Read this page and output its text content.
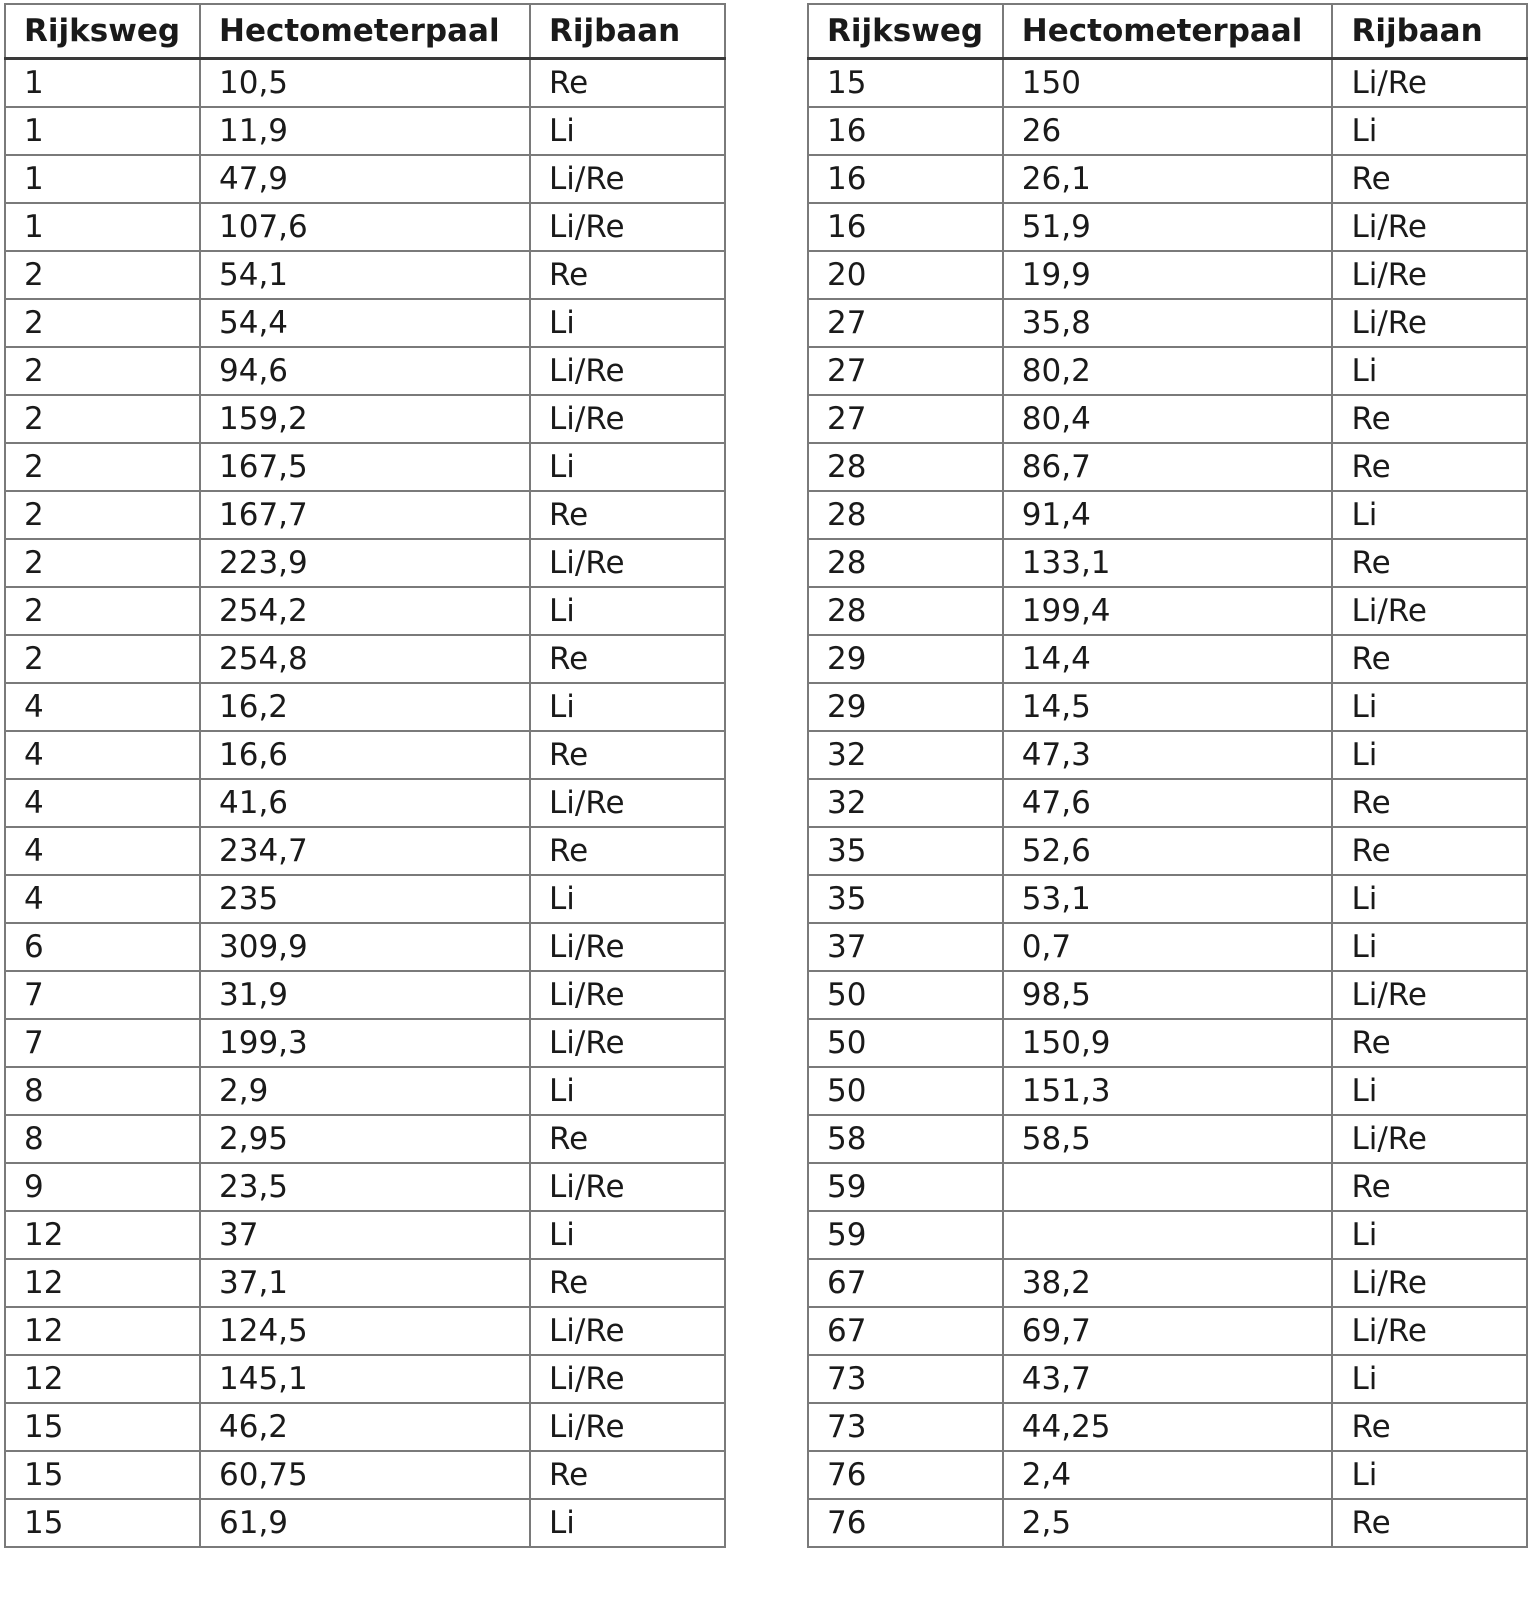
Rijksweg	Hectometerpaal	Rijbaan
1	10,5	Re
1	11,9	Li
1	47,9	Li/Re
1	107,6	Li/Re
2	54,1	Re
2	54,4	Li
2	94,6	Li/Re
2	159,2	Li/Re
2	167,5	Li
2	167,7	Re
2	223,9	Li/Re
2	254,2	Li
2	254,8	Re
4	16,2	Li
4	16,6	Re
4	41,6	Li/Re
4	234,7	Re
4	235	Li
6	309,9	Li/Re
7	31,9	Li/Re
7	199,3	Li/Re
8	2,9	Li
8	2,95	Re
9	23,5	Li/Re
12	37	Li
12	37,1	Re
12	124,5	Li/Re
12	145,1	Li/Re
15	46,2	Li/Re
15	60,75	Re
15	61,9	Li
Rijksweg	Hectometerpaal	Rijbaan
15	150	Li/Re
16	26	Li
16	26,1	Re
16	51,9	Li/Re
20	19,9	Li/Re
27	35,8	Li/Re
27	80,2	Li
27	80,4	Re
28	86,7	Re
28	91,4	Li
28	133,1	Re
28	199,4	Li/Re
29	14,4	Re
29	14,5	Li
32	47,3	Li
32	47,6	Re
35	52,6	Re
35	53,1	Li
37	0,7	Li
50	98,5	Li/Re
50	150,9	Re
50	151,3	Li
58	58,5	Li/Re
59		Re
59		Li
67	38,2	Li/Re
67	69,7	Li/Re
73	43,7	Li
73	44,25	Re
76	2,4	Li
76	2,5	Re
